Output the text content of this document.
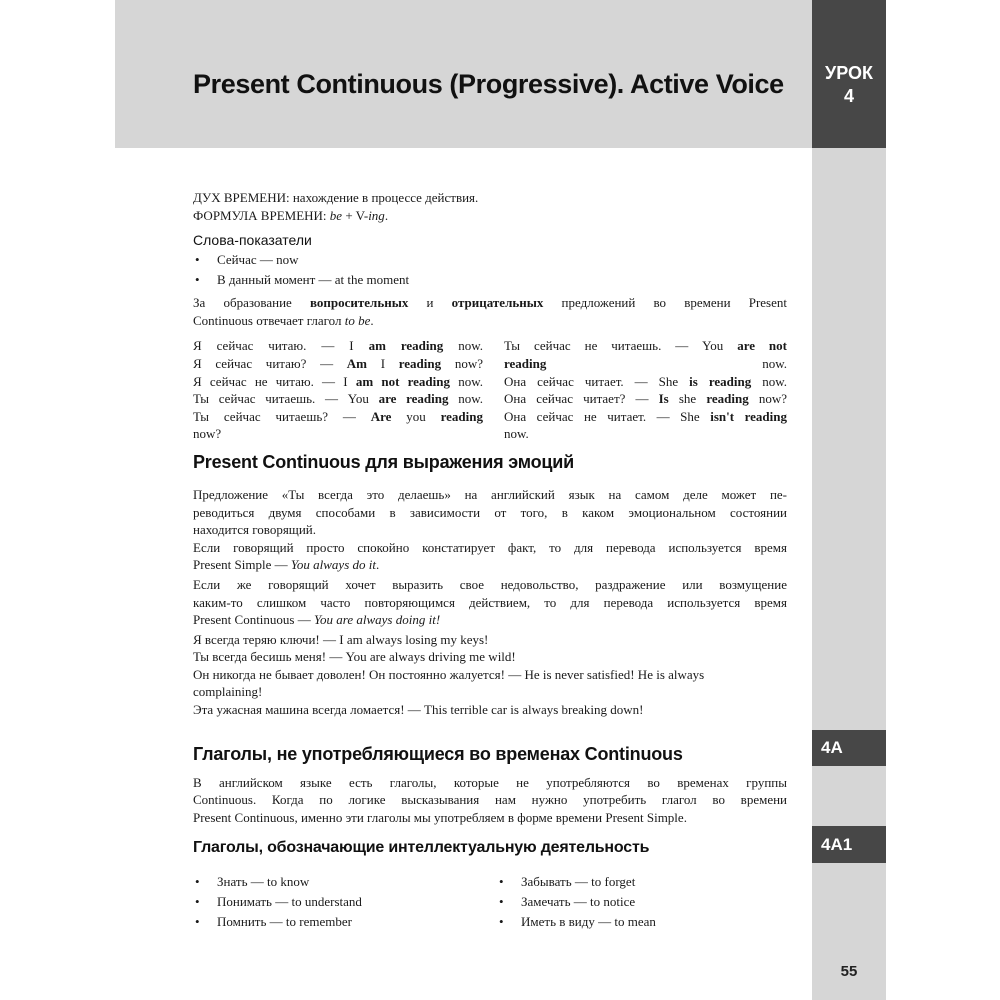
УРОК
4
Present Continuous (Progressive). Active Voice
4A
4A1
55
ДУХ ВРЕМЕНИ: нахождение в процессе действия.
ФОРМУЛА ВРЕМЕНИ: be + V-ing.
Слова-показатели
• Сейчас — now
• В данный момент — at the moment
За образование вопросительных и отрицательных предложений во времени Present
Continuous отвечает глагол to be.
Я сейчас читаю. — I am reading now.
Я сейчас читаю? — Am I reading now?
Я сейчас не читаю. — I am not reading now.
Ты сейчас читаешь. — You are reading now.
Ты сейчас читаешь? — Are you reading
now?
Ты сейчас не читаешь. — You are not
reading now.
Она сейчас читает. — She is reading now.
Она сейчас читает? — Is she reading now?
Она сейчас не читает. — She isn't reading
now.
Present Continuous для выражения эмоций
Предложение «Ты всегда это делаешь» на английский язык на самом деле может пе-
реводиться двумя способами в зависимости от того, в каком эмоциональном состоянии
находится говорящий.
Если говорящий просто спокойно констатирует факт, то для перевода используется время
Present Simple — You always do it.
Если же говорящий хочет выразить свое недовольство, раздражение или возмущение
каким-то слишком часто повторяющимся действием, то для перевода используется время
Present Continuous — You are always doing it!
Я всегда теряю ключи! — I am always losing my keys!
Ты всегда бесишь меня! — You are always driving me wild!
Он никогда не бывает доволен! Он постоянно жалуется! — He is never satisfied! He is always
complaining!
Эта ужасная машина всегда ломается! — This terrible car is always breaking down!
Глаголы, не употребляющиеся во временах Continuous
В английском языке есть глаголы, которые не употребляются во временах группы
Continuous. Когда по логике высказывания нам нужно употребить глагол во времени
Present Continuous, именно эти глаголы мы употребляем в форме времени Present Simple.
Глаголы, обозначающие интеллектуальную деятельность
• Знать — to know
• Понимать — to understand
• Помнить — to remember
• Забывать — to forget
• Замечать — to notice
• Иметь в виду — to mean
